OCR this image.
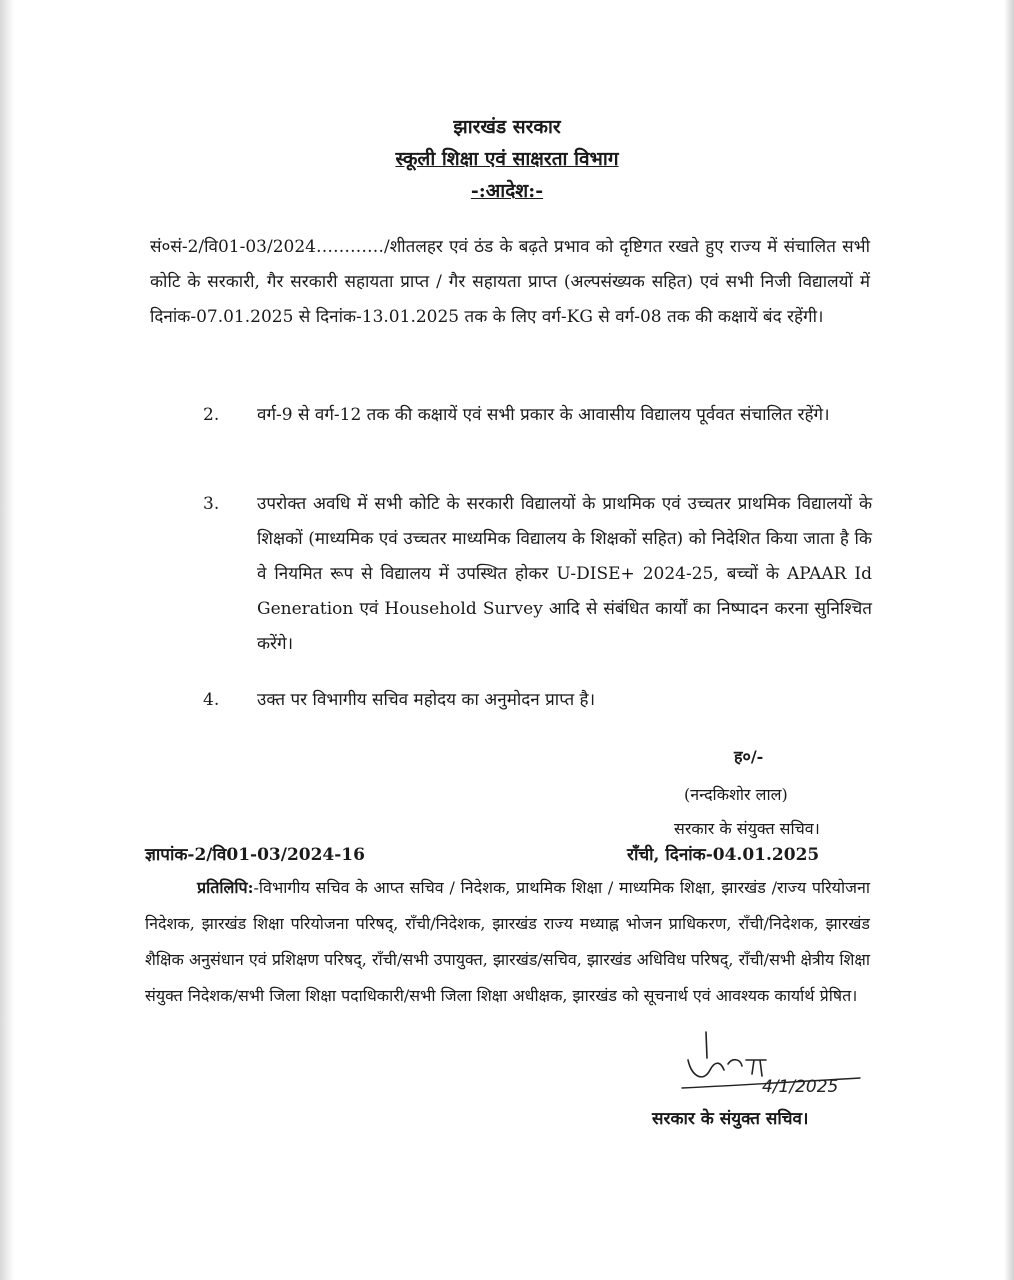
झारखंड सरकार
स्कूली शिक्षा एवं साक्षरता विभाग
-:आदेश:-
सं०सं-2/वि01-03/2024…………/शीतलहर एवं ठंड के बढ़ते प्रभाव को दृष्टिगत रखते हुए राज्य में संचालित सभी कोटि के सरकारी, गैर सरकारी सहायता प्राप्त / गैर सहायता प्राप्त (अल्पसंख्यक सहित) एवं सभी निजी विद्यालयों में दिनांक-07.01.2025 से दिनांक-13.01.2025 तक के लिए वर्ग-KG से वर्ग-08 तक की कक्षायें बंद रहेंगी।
2.	वर्ग-9 से वर्ग-12 तक की कक्षायें एवं सभी प्रकार के आवासीय विद्यालय पूर्ववत संचालित रहेंगे।
3.	उपरोक्त अवधि में सभी कोटि के सरकारी विद्यालयों के प्राथमिक एवं उच्चतर प्राथमिक विद्यालयों के शिक्षकों (माध्यमिक एवं उच्चतर माध्यमिक विद्यालय के शिक्षकों सहित) को निदेशित किया जाता है कि वे नियमित रूप से विद्यालय में उपस्थित होकर U-DISE+ 2024-25, बच्चों के APAAR Id Generation एवं Household Survey आदि से संबंधित कार्यों का निष्पादन करना सुनिश्चित करेंगे।
4.	उक्त पर विभागीय सचिव महोदय का अनुमोदन प्राप्त है।
ह०/-
(नन्दकिशोर लाल)
सरकार के संयुक्त सचिव।
ज्ञापांक-2/वि01-03/2024-16	राँची, दिनांक-04.01.2025
प्रतिलिपि:-विभागीय सचिव के आप्त सचिव / निदेशक, प्राथमिक शिक्षा / माध्यमिक शिक्षा, झारखंड /राज्य परियोजना निदेशक, झारखंड शिक्षा परियोजना परिषद्, राँची/निदेशक, झारखंड राज्य मध्याह्न भोजन प्राधिकरण, राँची/निदेशक, झारखंड शैक्षिक अनुसंधान एवं प्रशिक्षण परिषद्, राँची/सभी उपायुक्त, झारखंड/सचिव, झारखंड अधिविध परिषद्, राँची/सभी क्षेत्रीय शिक्षा संयुक्त निदेशक/सभी जिला शिक्षा पदाधिकारी/सभी जिला शिक्षा अधीक्षक, झारखंड को सूचनार्थ एवं आवश्यक कार्यार्थ प्रेषित।
4/1/2025
सरकार के संयुक्त सचिव।
